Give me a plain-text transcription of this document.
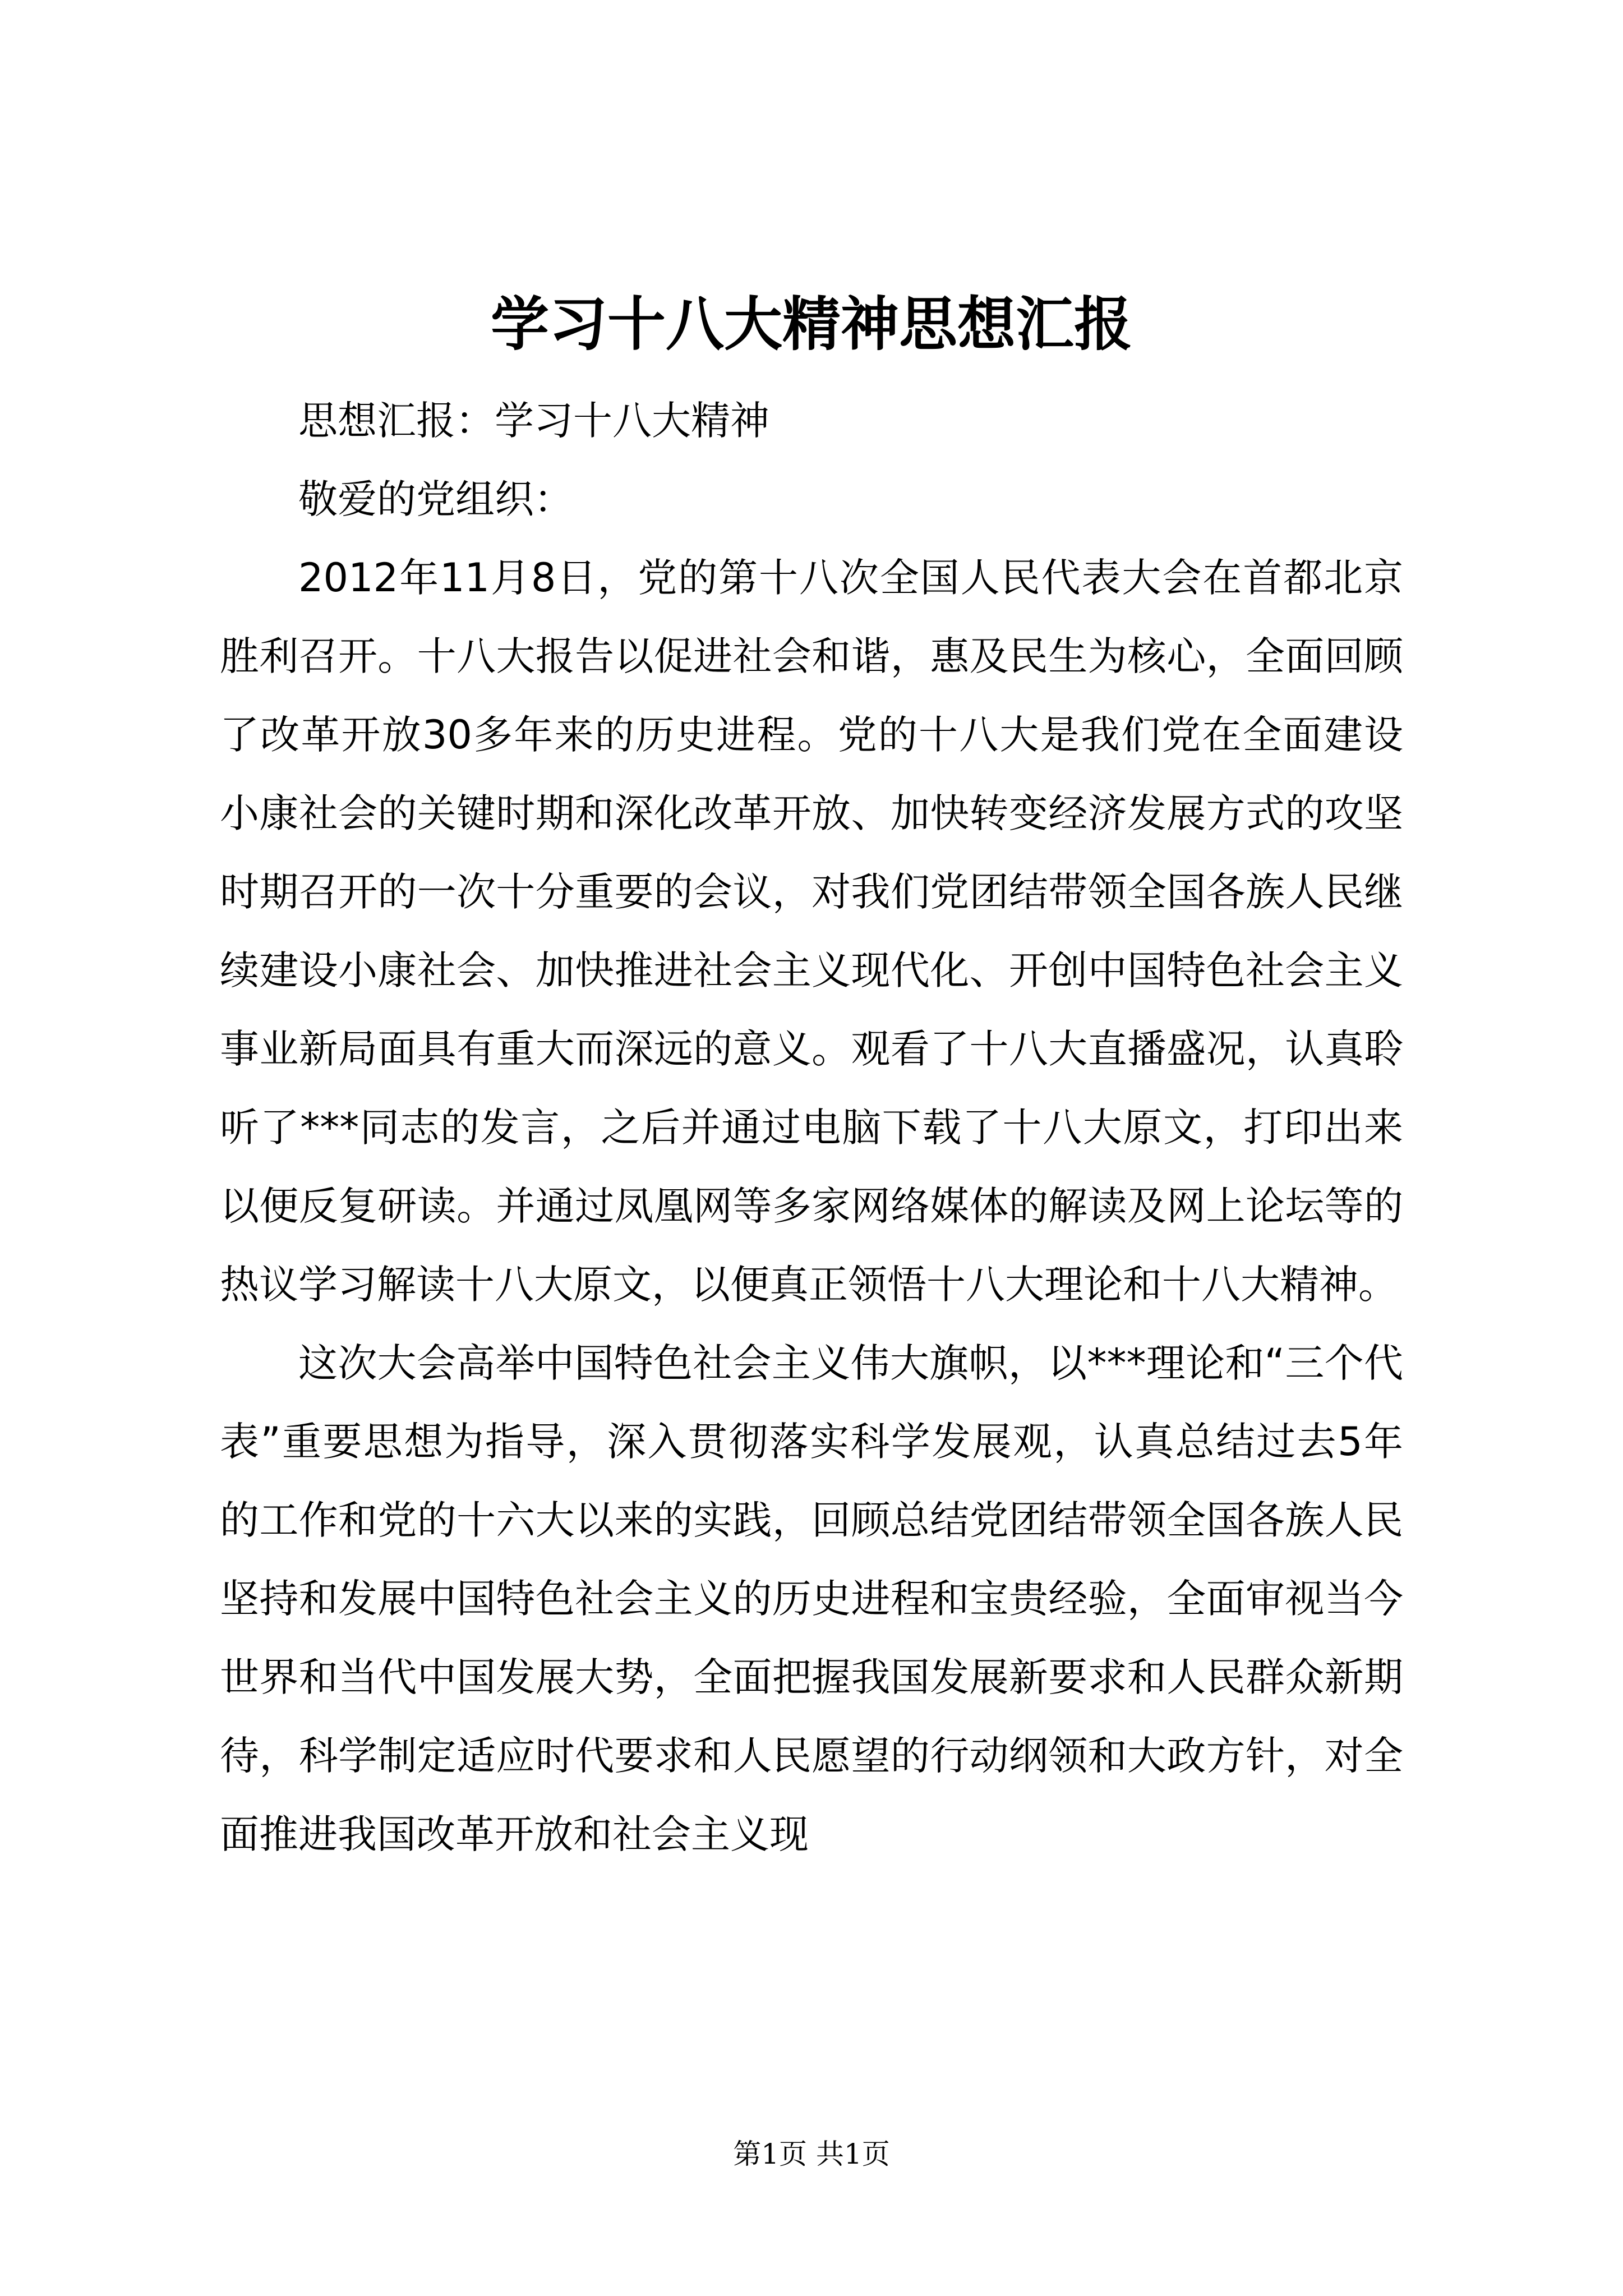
学习十八大精神思想汇报

思想汇报：学习十八大精神

敬爱的党组织：

2012年11月8日，党的第十八次全国人民代表大会在首都北京胜利召开。十八大报告以促进社会和谐，惠及民生为核心，全面回顾了改革开放30多年来的历史进程。党的十八大是我们党在全面建设小康社会的关键时期和深化改革开放、加快转变经济发展方式的攻坚时期召开的一次十分重要的会议，对我们党团结带领全国各族人民继续建设小康社会、加快推进社会主义现代化、开创中国特色社会主义事业新局面具有重大而深远的意义。观看了十八大直播盛况，认真聆听了***同志的发言，之后并通过电脑下载了十八大原文，打印出来以便反复研读。并通过凤凰网等多家网络媒体的解读及网上论坛等的热议学习解读十八大原文，以便真正领悟十八大理论和十八大精神。

这次大会高举中国特色社会主义伟大旗帜，以***理论和“三个代表”重要思想为指导，深入贯彻落实科学发展观，认真总结过去5年的工作和党的十六大以来的实践，回顾总结党团结带领全国各族人民坚持和发展中国特色社会主义的历史进程和宝贵经验，全面审视当今世界和当代中国发展大势，全面把握我国发展新要求和人民群众新期待，科学制定适应时代要求和人民愿望的行动纲领和大政方针，对全面推进我国改革开放和社会主义现

第1页 共1页
